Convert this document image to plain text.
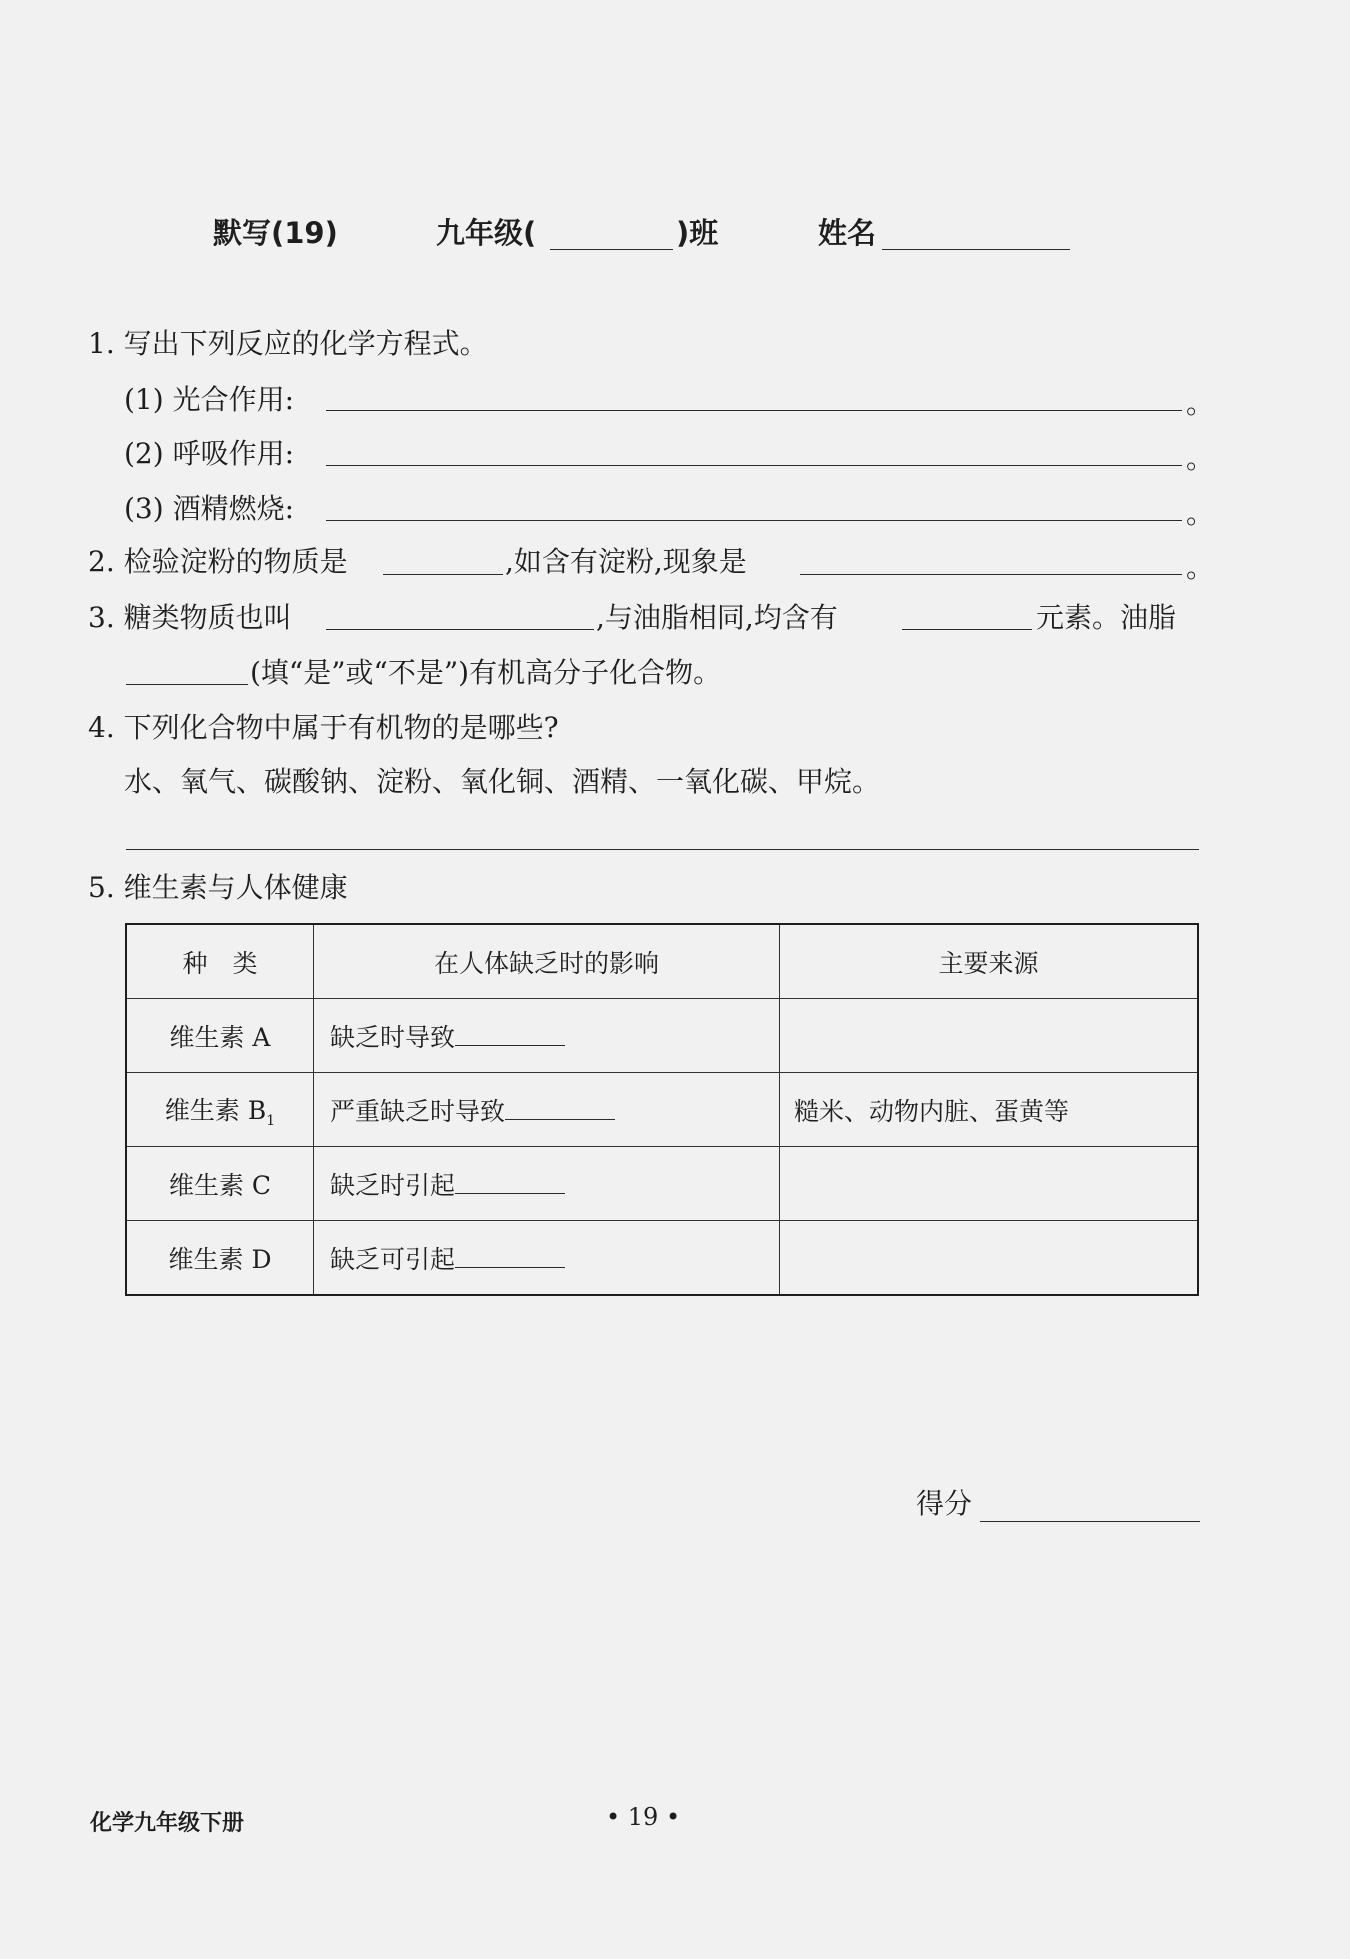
默写(19)	九年级(	)班	姓名
1. 写出下列反应的化学方程式。
(1) 光合作用:	。
(2) 呼吸作用:	。
(3) 酒精燃烧:	。
2. 检验淀粉的物质是	,如含有淀粉,现象是	。
3. 糖类物质也叫	,与油脂相同,均含有	元素。油脂
(填“是”或“不是”)有机高分子化合物。
4. 下列化合物中属于有机物的是哪些?
水、氧气、碳酸钠、淀粉、氧化铜、酒精、一氧化碳、甲烷。
5. 维生素与人体健康
种　类	在人体缺乏时的影响	主要来源
维生素 A	缺乏时导致	
维生素 $B_1$	严重缺乏时导致	糙米、动物内脏、蛋黄等
维生素 C	缺乏时引起	
维生素 D	缺乏可引起	
得分
化学九年级下册	• 19 •
